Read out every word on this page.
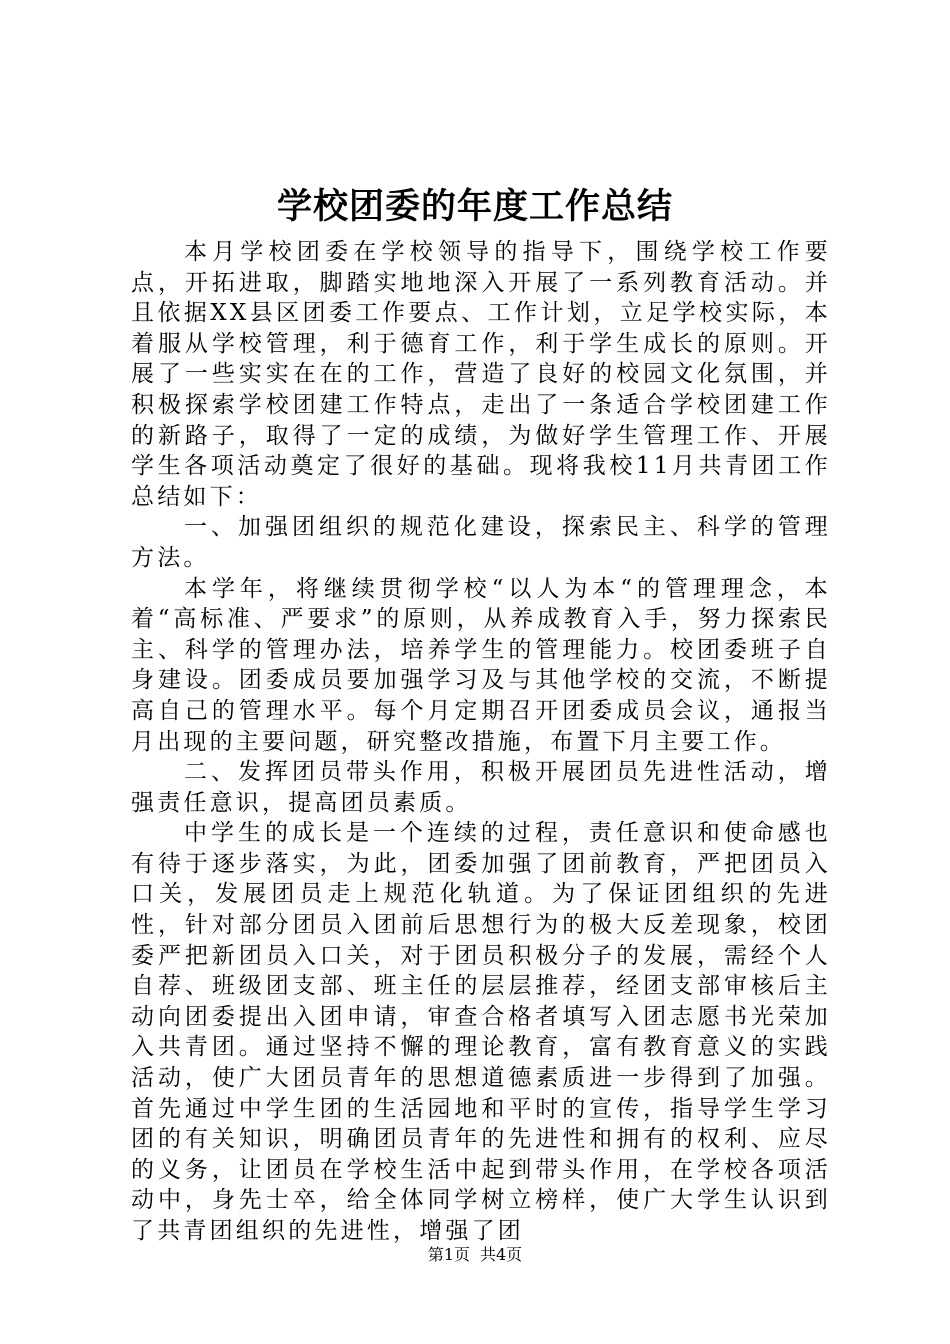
学校团委的年度工作总结

本月学校团委在学校领导的指导下，围绕学校工作要点，开拓进取，脚踏实地地深入开展了一系列教育活动。并且依据XX县区团委工作要点、工作计划，立足学校实际，本着服从学校管理，利于德育工作，利于学生成长的原则。开展了一些实实在在的工作，营造了良好的校园文化氛围，并积极探索学校团建工作特点，走出了一条适合学校团建工作的新路子，取得了一定的成绩，为做好学生管理工作、开展学生各项活动奠定了很好的基础。现将我校11月共青团工作总结如下：

一、加强团组织的规范化建设，探索民主、科学的管理方法。

本学年，将继续贯彻学校“以人为本“的管理理念，本着“高标准、严要求”的原则，从养成教育入手，努力探索民主、科学的管理办法，培养学生的管理能力。校团委班子自身建设。团委成员要加强学习及与其他学校的交流，不断提高自己的管理水平。每个月定期召开团委成员会议，通报当月出现的主要问题，研究整改措施，布置下月主要工作。

二、发挥团员带头作用，积极开展团员先进性活动，增强责任意识，提高团员素质。

中学生的成长是一个连续的过程，责任意识和使命感也有待于逐步落实，为此，团委加强了团前教育，严把团员入口关，发展团员走上规范化轨道。为了保证团组织的先进性，针对部分团员入团前后思想行为的极大反差现象，校团委严把新团员入口关，对于团员积极分子的发展，需经个人自荐、班级团支部、班主任的层层推荐，经团支部审核后主动向团委提出入团申请，审查合格者填写入团志愿书光荣加入共青团。通过坚持不懈的理论教育，富有教育意义的实践活动，使广大团员青年的思想道德素质进一步得到了加强。首先通过中学生团的生活园地和平时的宣传，指导学生学习团的有关知识，明确团员青年的先进性和拥有的权利、应尽的义务，让团员在学校生活中起到带头作用，在学校各项活动中，身先士卒，给全体同学树立榜样，使广大学生认识到了共青团组织的先进性，增强了团

第1页 共4页
